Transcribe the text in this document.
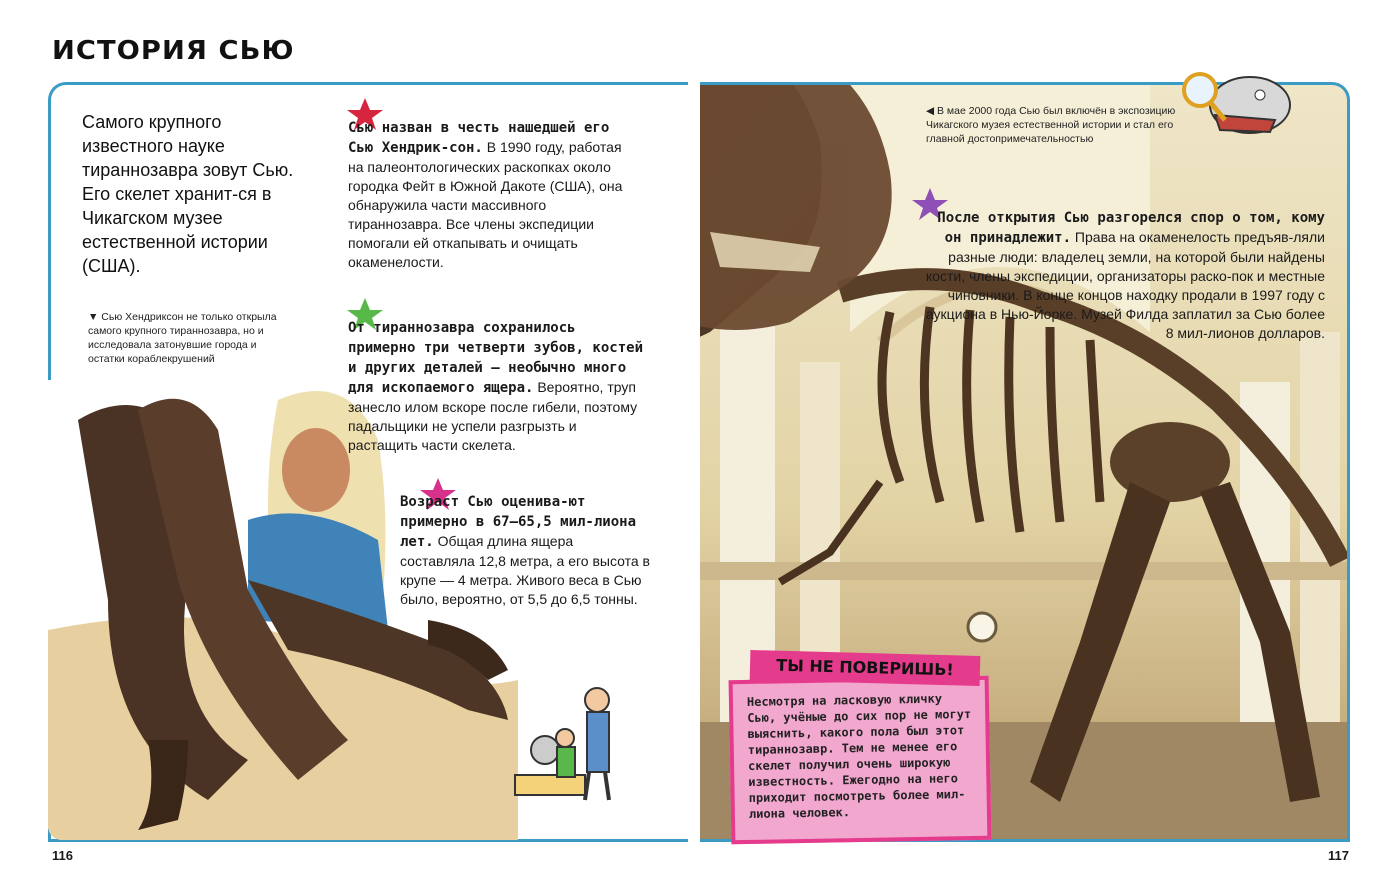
ИСТОРИЯ СЬЮ
Самого крупного известного науке тираннозавра зовут Сью. Его скелет хранит-ся в Чикагском музее естественной истории (США).
▼ Сью Хендриксон не только открыла самого крупного тираннозавра, но и исследовала затонувшие города и остатки кораблекрушений
◀ В мае 2000 года Сью был включён в экспозицию Чикагского музея естественной истории и стал его главной достопримечательностью
Сью назван в честь нашедшей его Сью Хендрик-сон. В 1990 году, работая на палеонтологических раскопках около городка Фейт в Южной Дакоте (США), она обнаружила части массивного тираннозавра. Все члены экспедиции помогали ей откапывать и очищать окаменелости.
От тираннозавра сохранилось примерно три четверти зубов, костей и других деталей — необычно много для ископаемого ящера. Вероятно, труп занесло илом вскоре после гибели, поэтому падальщики не успели разгрызть и растащить части скелета.
Возраст Сью оценива-ют примерно в 67–65,5 мил-лиона лет. Общая длина ящера составляла 12,8 метра, а его высота в крупе — 4 метра. Живого веса в Сью было, вероятно, от 5,5 до 6,5 тонны.
После открытия Сью разгорелся спор о том, кому он принадлежит. Права на окаменелость предъяв-ляли разные люди: владелец земли, на которой были найдены кости, члены экспедиции, организаторы раско-пок и местные чиновники. В конце концов находку продали в 1997 году с аукциона в Нью-Йорке. Музей Филда заплатил за Сью более 8 мил-лионов долларов.
Несмотря на ласковую кличку Сью, учёные до сих пор не могут выяснить, какого пола был этот тираннозавр. Тем не менее его скелет получил очень широкую известность. Ежегодно на него приходит посмотреть более мил-лиона человек.
ТЫ НЕ ПОВЕРИШЬ!
116	117
